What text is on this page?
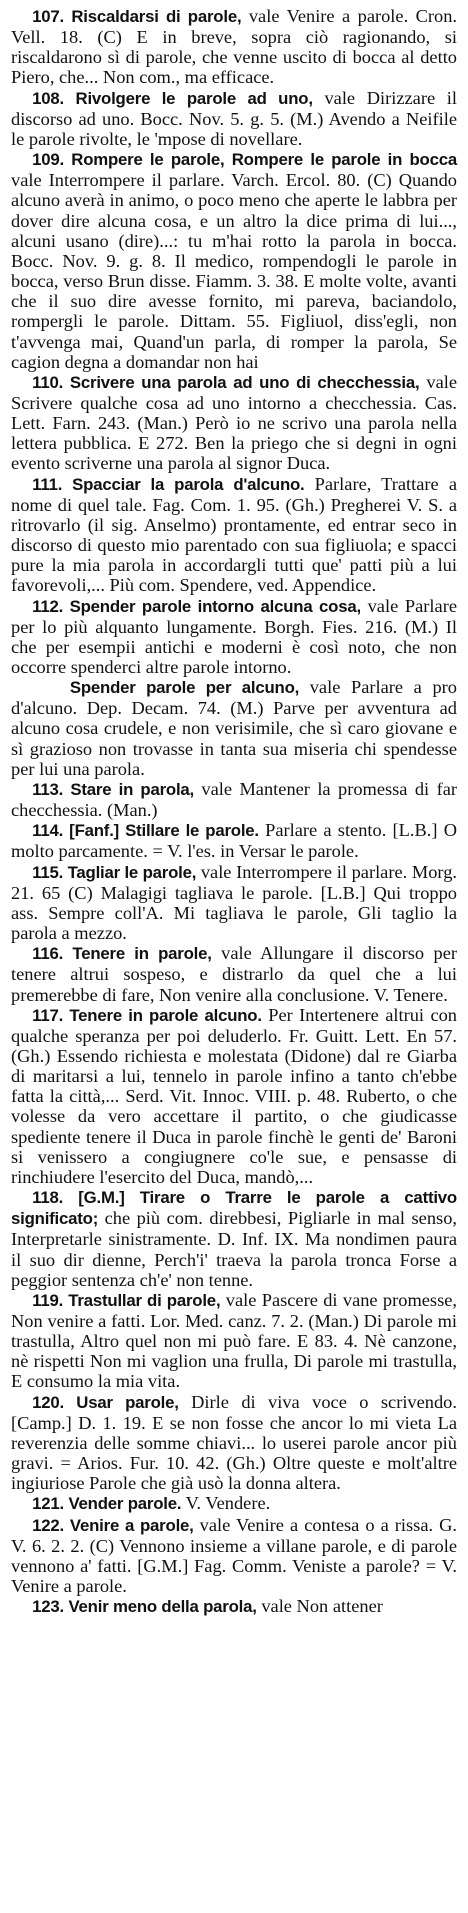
107. Riscaldarsi di parole, vale Venire a parole. Cron. Vell. 18. (C) E in breve, sopra ciò ragionando, si riscaldarono sì di parole, che venne uscito di bocca al detto Piero, che... Non com., ma efficace.

108. Rivolgere le parole ad uno, vale Dirizzare il discorso ad uno. Bocc. Nov. 5. g. 5. (M.) Avendo a Neifile le parole rivolte, le 'mpose di novellare.

109. Rompere le parole, Rompere le parole in bocca vale Interrompere il parlare. Varch. Ercol. 80. (C) Quando alcuno averà in animo, o poco meno che aperte le labbra per dover dire alcuna cosa, e un altro la dice prima di lui..., alcuni usano (dire)...: tu m'hai rotto la parola in bocca. Bocc. Nov. 9. g. 8. Il medico, rompendogli le parole in bocca, verso Brun disse. Fiamm. 3. 38. E molte volte, avanti che il suo dire avesse fornito, mi pareva, baciandolo, rompergli le parole. Dittam. 55. Figliuol, diss'egli, non t'avvenga mai, Quand'un parla, di romper la parola, Se cagion degna a domandar non hai

110. Scrivere una parola ad uno di checchessia, vale Scrivere qualche cosa ad uno intorno a checchessia. Cas. Lett. Farn. 243. (Man.) Però io ne scrivo una parola nella lettera pubblica. E 272. Ben la priego che si degni in ogni evento scriverne una parola al signor Duca.

111. Spacciar la parola d'alcuno. Parlare, Trattare a nome di quel tale. Fag. Com. 1. 95. (Gh.) Pregherei V. S. a ritrovarlo (il sig. Anselmo) prontamente, ed entrar seco in discorso di questo mio parentado con sua figliuola; e spacci pure la mia parola in accordargli tutti que' patti più a lui favorevoli,... Più com. Spendere, ved. Appendice.

112. Spender parole intorno alcuna cosa, vale Parlare per lo più alquanto lungamente. Borgh. Fies. 216. (M.) Il che per esempii antichi e moderni è così noto, che non occorre spenderci altre parole intorno.

Spender parole per alcuno, vale Parlare a pro d'alcuno. Dep. Decam. 74. (M.) Parve per avventura ad alcuno cosa crudele, e non verisimile, che sì caro giovane e sì grazioso non trovasse in tanta sua miseria chi spendesse per lui una parola.

113. Stare in parola, vale Mantener la promessa di far checchessia. (Man.)

114. [Fanf.] Stillare le parole. Parlare a stento. [L.B.] O molto parcamente. = V. l'es. in Versar le parole.

115. Tagliar le parole, vale Interrompere il parlare. Morg. 21. 65 (C) Malagigi tagliava le parole. [L.B.] Qui troppo ass. Sempre coll'A. Mi tagliava le parole, Gli taglio la parola a mezzo.

116. Tenere in parole, vale Allungare il discorso per tenere altrui sospeso, e distrarlo da quel che a lui premerebbe di fare, Non venire alla conclusione. V. Tenere.

117. Tenere in parole alcuno. Per Intertenere altrui con qualche speranza per poi deluderlo. Fr. Guitt. Lett. En 57. (Gh.) Essendo richiesta e molestata (Didone) dal re Giarba di maritarsi a lui, tennelo in parole infino a tanto ch'ebbe fatta la città,... Serd. Vit. Innoc. VIII. p. 48. Ruberto, o che volesse da vero accettare il partito, o che giudicasse spediente tenere il Duca in parole finchè le genti de' Baroni si venissero a congiugnere co'le sue, e pensasse di rinchiudere l'esercito del Duca, mandò,...

118. [G.M.] Tirare o Trarre le parole a cattivo significato; che più com. direbbesi, Pigliarle in mal senso, Interpretarle sinistramente. D. Inf. IX. Ma nondimen paura il suo dir dienne, Perch'i' traeva la parola tronca Forse a peggior sentenza ch'e' non tenne.

119. Trastullar di parole, vale Pascere di vane promesse, Non venire a fatti. Lor. Med. canz. 7. 2. (Man.) Di parole mi trastulla, Altro quel non mi può fare. E 83. 4. Nè canzone, nè rispetti Non mi vaglion una frulla, Di parole mi trastulla, E consumo la mia vita.

120. Usar parole, Dirle di viva voce o scrivendo. [Camp.] D. 1. 19. E se non fosse che ancor lo mi vieta La reverenzia delle somme chiavi... lo userei parole ancor più gravi. = Arios. Fur. 10. 42. (Gh.) Oltre queste e molt'altre ingiuriose Parole che già usò la donna altera.

121. Vender parole. V. Vendere.

122. Venire a parole, vale Venire a contesa o a rissa. G. V. 6. 2. 2. (C) Vennono insieme a villane parole, e di parole vennono a' fatti. [G.M.] Fag. Comm. Veniste a parole? = V. Venire a parole.

123. Venir meno della parola, vale Non attener
